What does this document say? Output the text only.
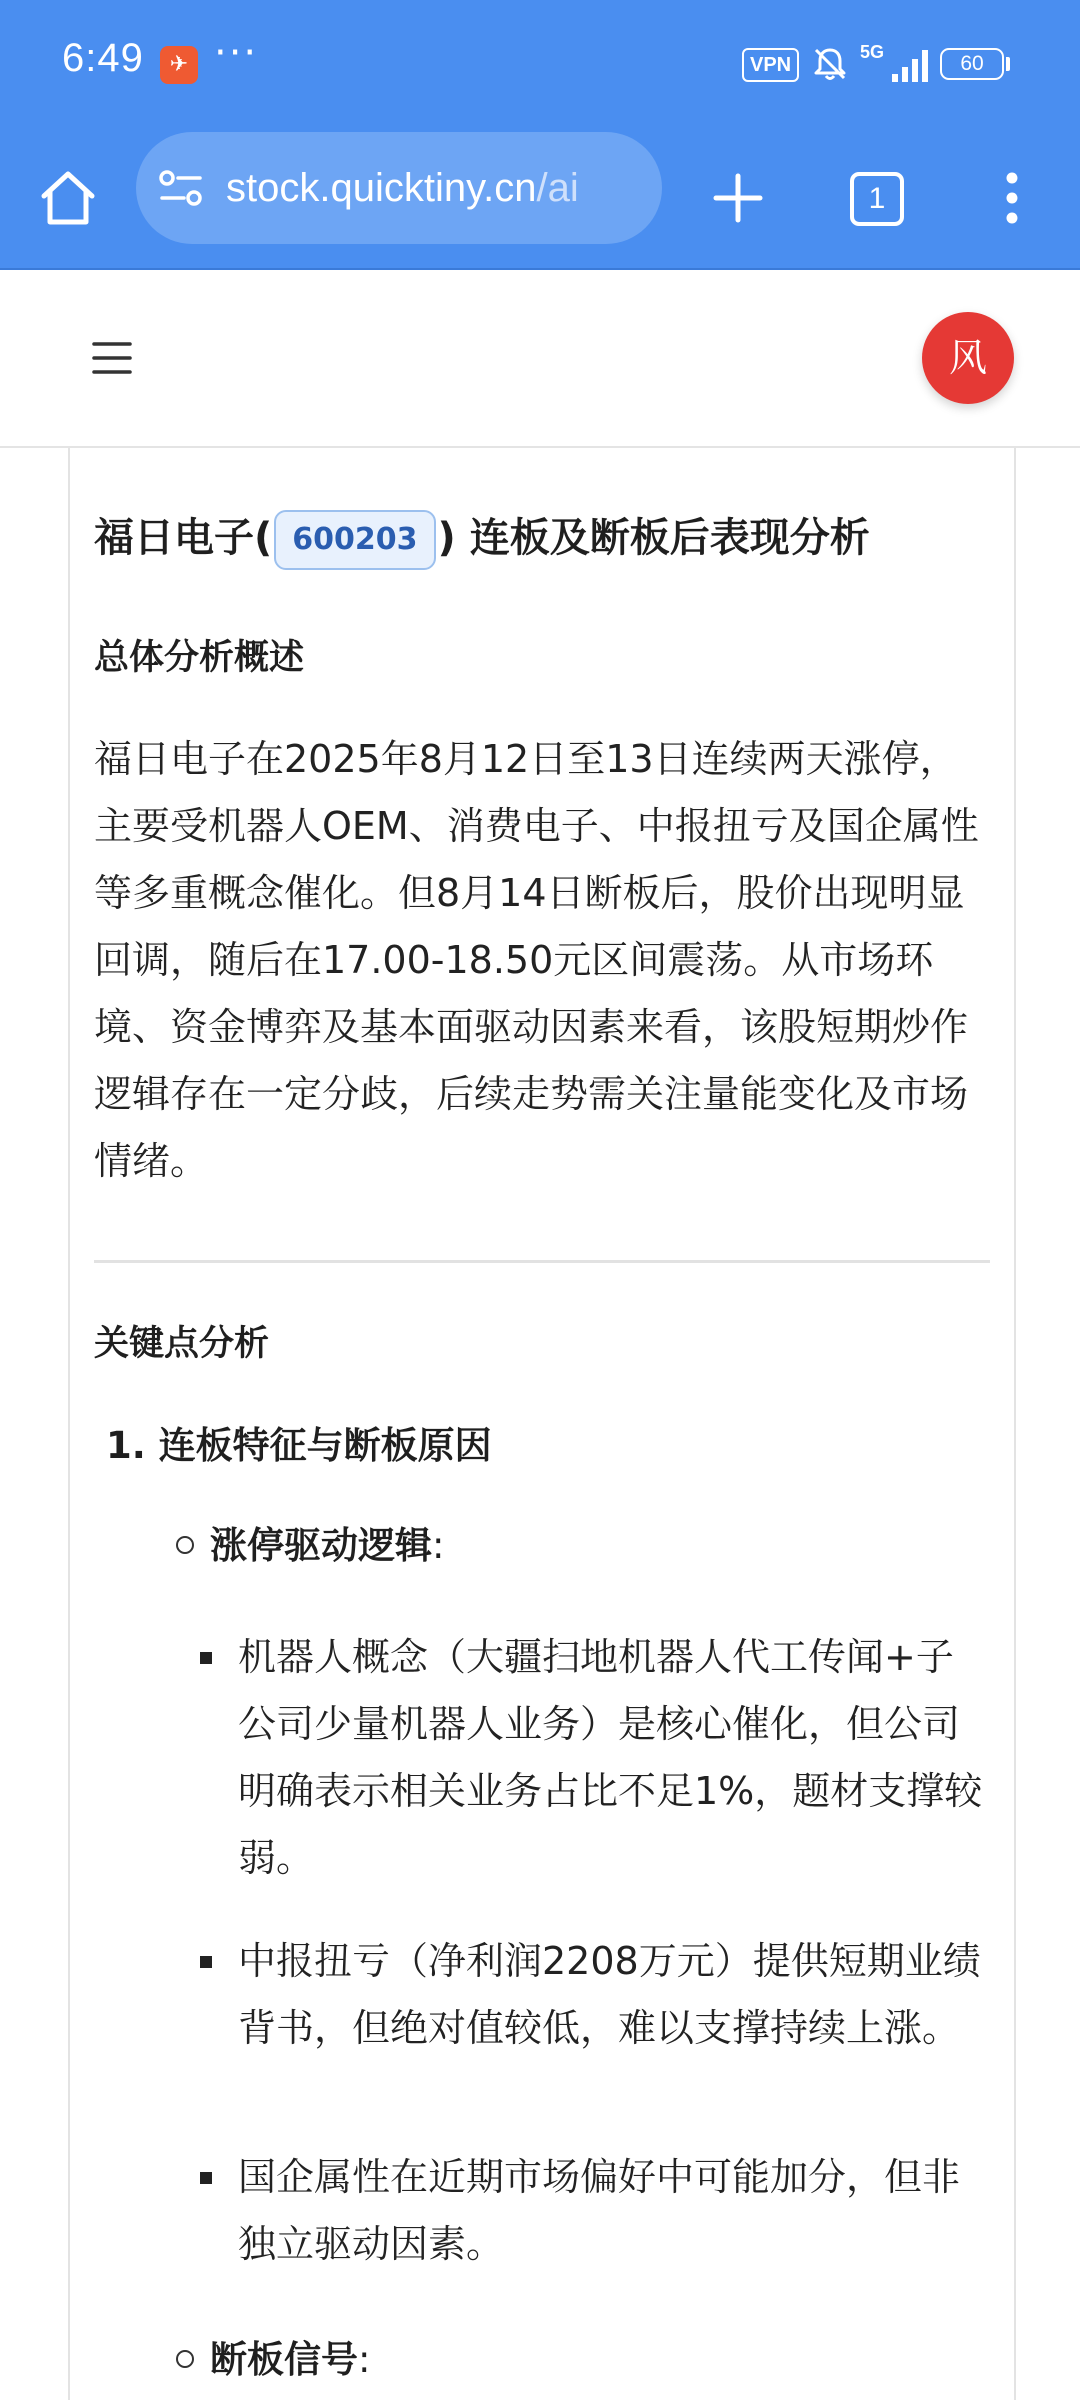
6:49	✈ ···	VPN
5G	60
stock.quicktiny.cn/ai	1
风
福日电子( 600203 ) 连板及断板后表现分析
总体分析概述
福日电子在2025年8月12日至13日连续两天涨停，主要受机器人OEM、消费电子、中报扭亏及国企属性等多重概念催化。但8月14日断板后，股价出现明显回调，随后在17.00-18.50元区间震荡。从市场环境、资金博弈及基本面驱动因素来看，该股短期炒作逻辑存在一定分歧，后续走势需关注量能变化及市场情绪。
关键点分析
1. 连板特征与断板原因
涨停驱动逻辑:
机器人概念（大疆扫地机器人代工传闻+子公司少量机器人业务）是核心催化，但公司明确表示相关业务占比不足1%，题材支撑较弱。
中报扭亏（净利润2208万元）提供短期业绩背书，但绝对值较低，难以支撑持续上涨。
国企属性在近期市场偏好中可能加分，但非独立驱动因素。
断板信号:
